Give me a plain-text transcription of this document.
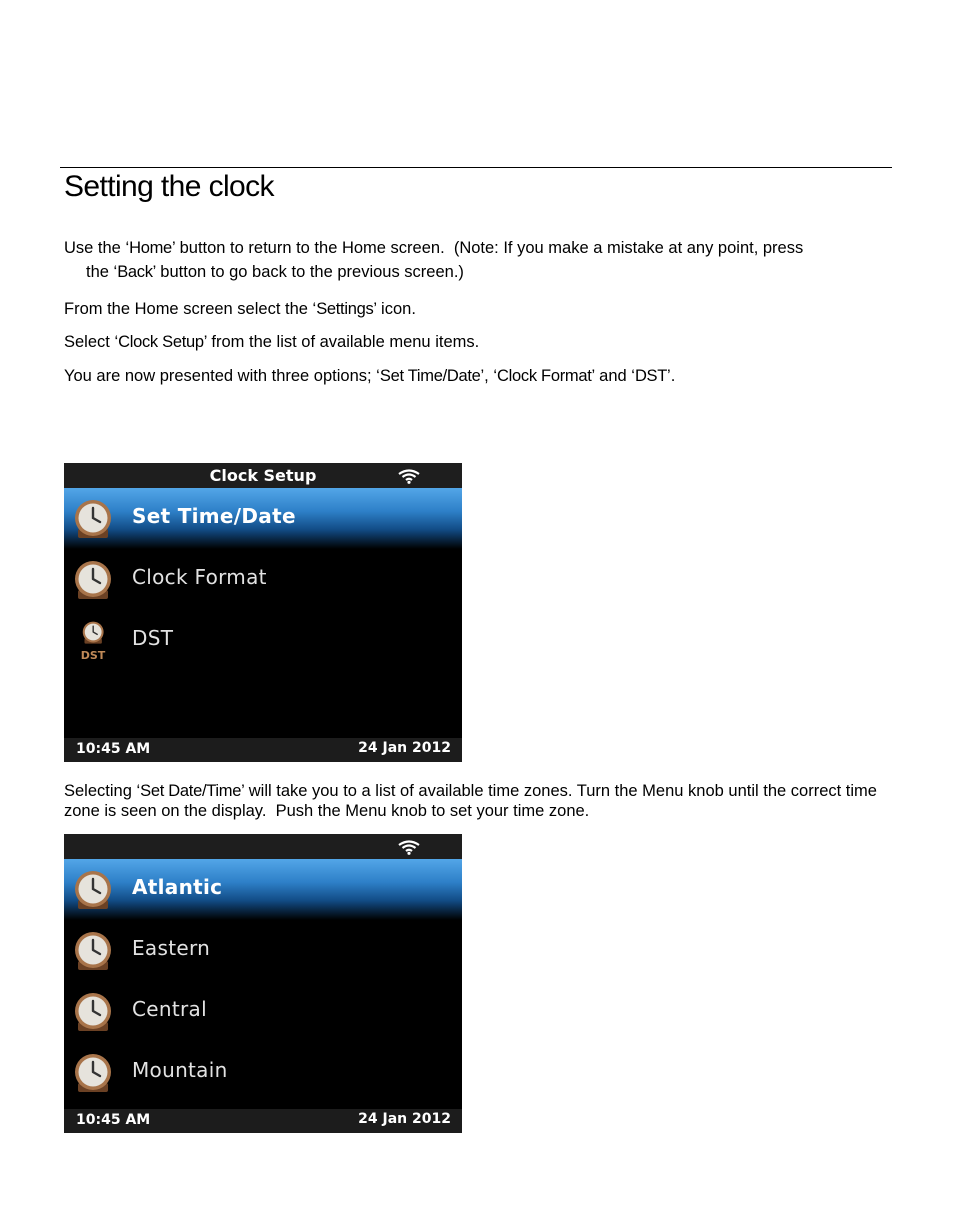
Setting the clock

Use the ‘Home’ button to return to the Home screen.  (Note: If you make a mistake at any point, press
the ‘Back’ button to go back to the previous screen.)

From the Home screen select the ‘Settings’ icon.

Select ‘Clock Setup’ from the list of available menu items.

You are now presented with three options; ‘Set Time/Date’, ‘Clock Format’ and ‘DST’.

Clock Setup
Set Time/Date
Clock Format
DST
DST
10:45 AM	24 Jan 2012

Selecting ‘Set Date/Time’ will take you to a list of available time zones. Turn the Menu knob until the correct time zone is seen on the display.  Push the Menu knob to set your time zone.

Atlantic
Eastern
Central
Mountain
10:45 AM	24 Jan 2012
